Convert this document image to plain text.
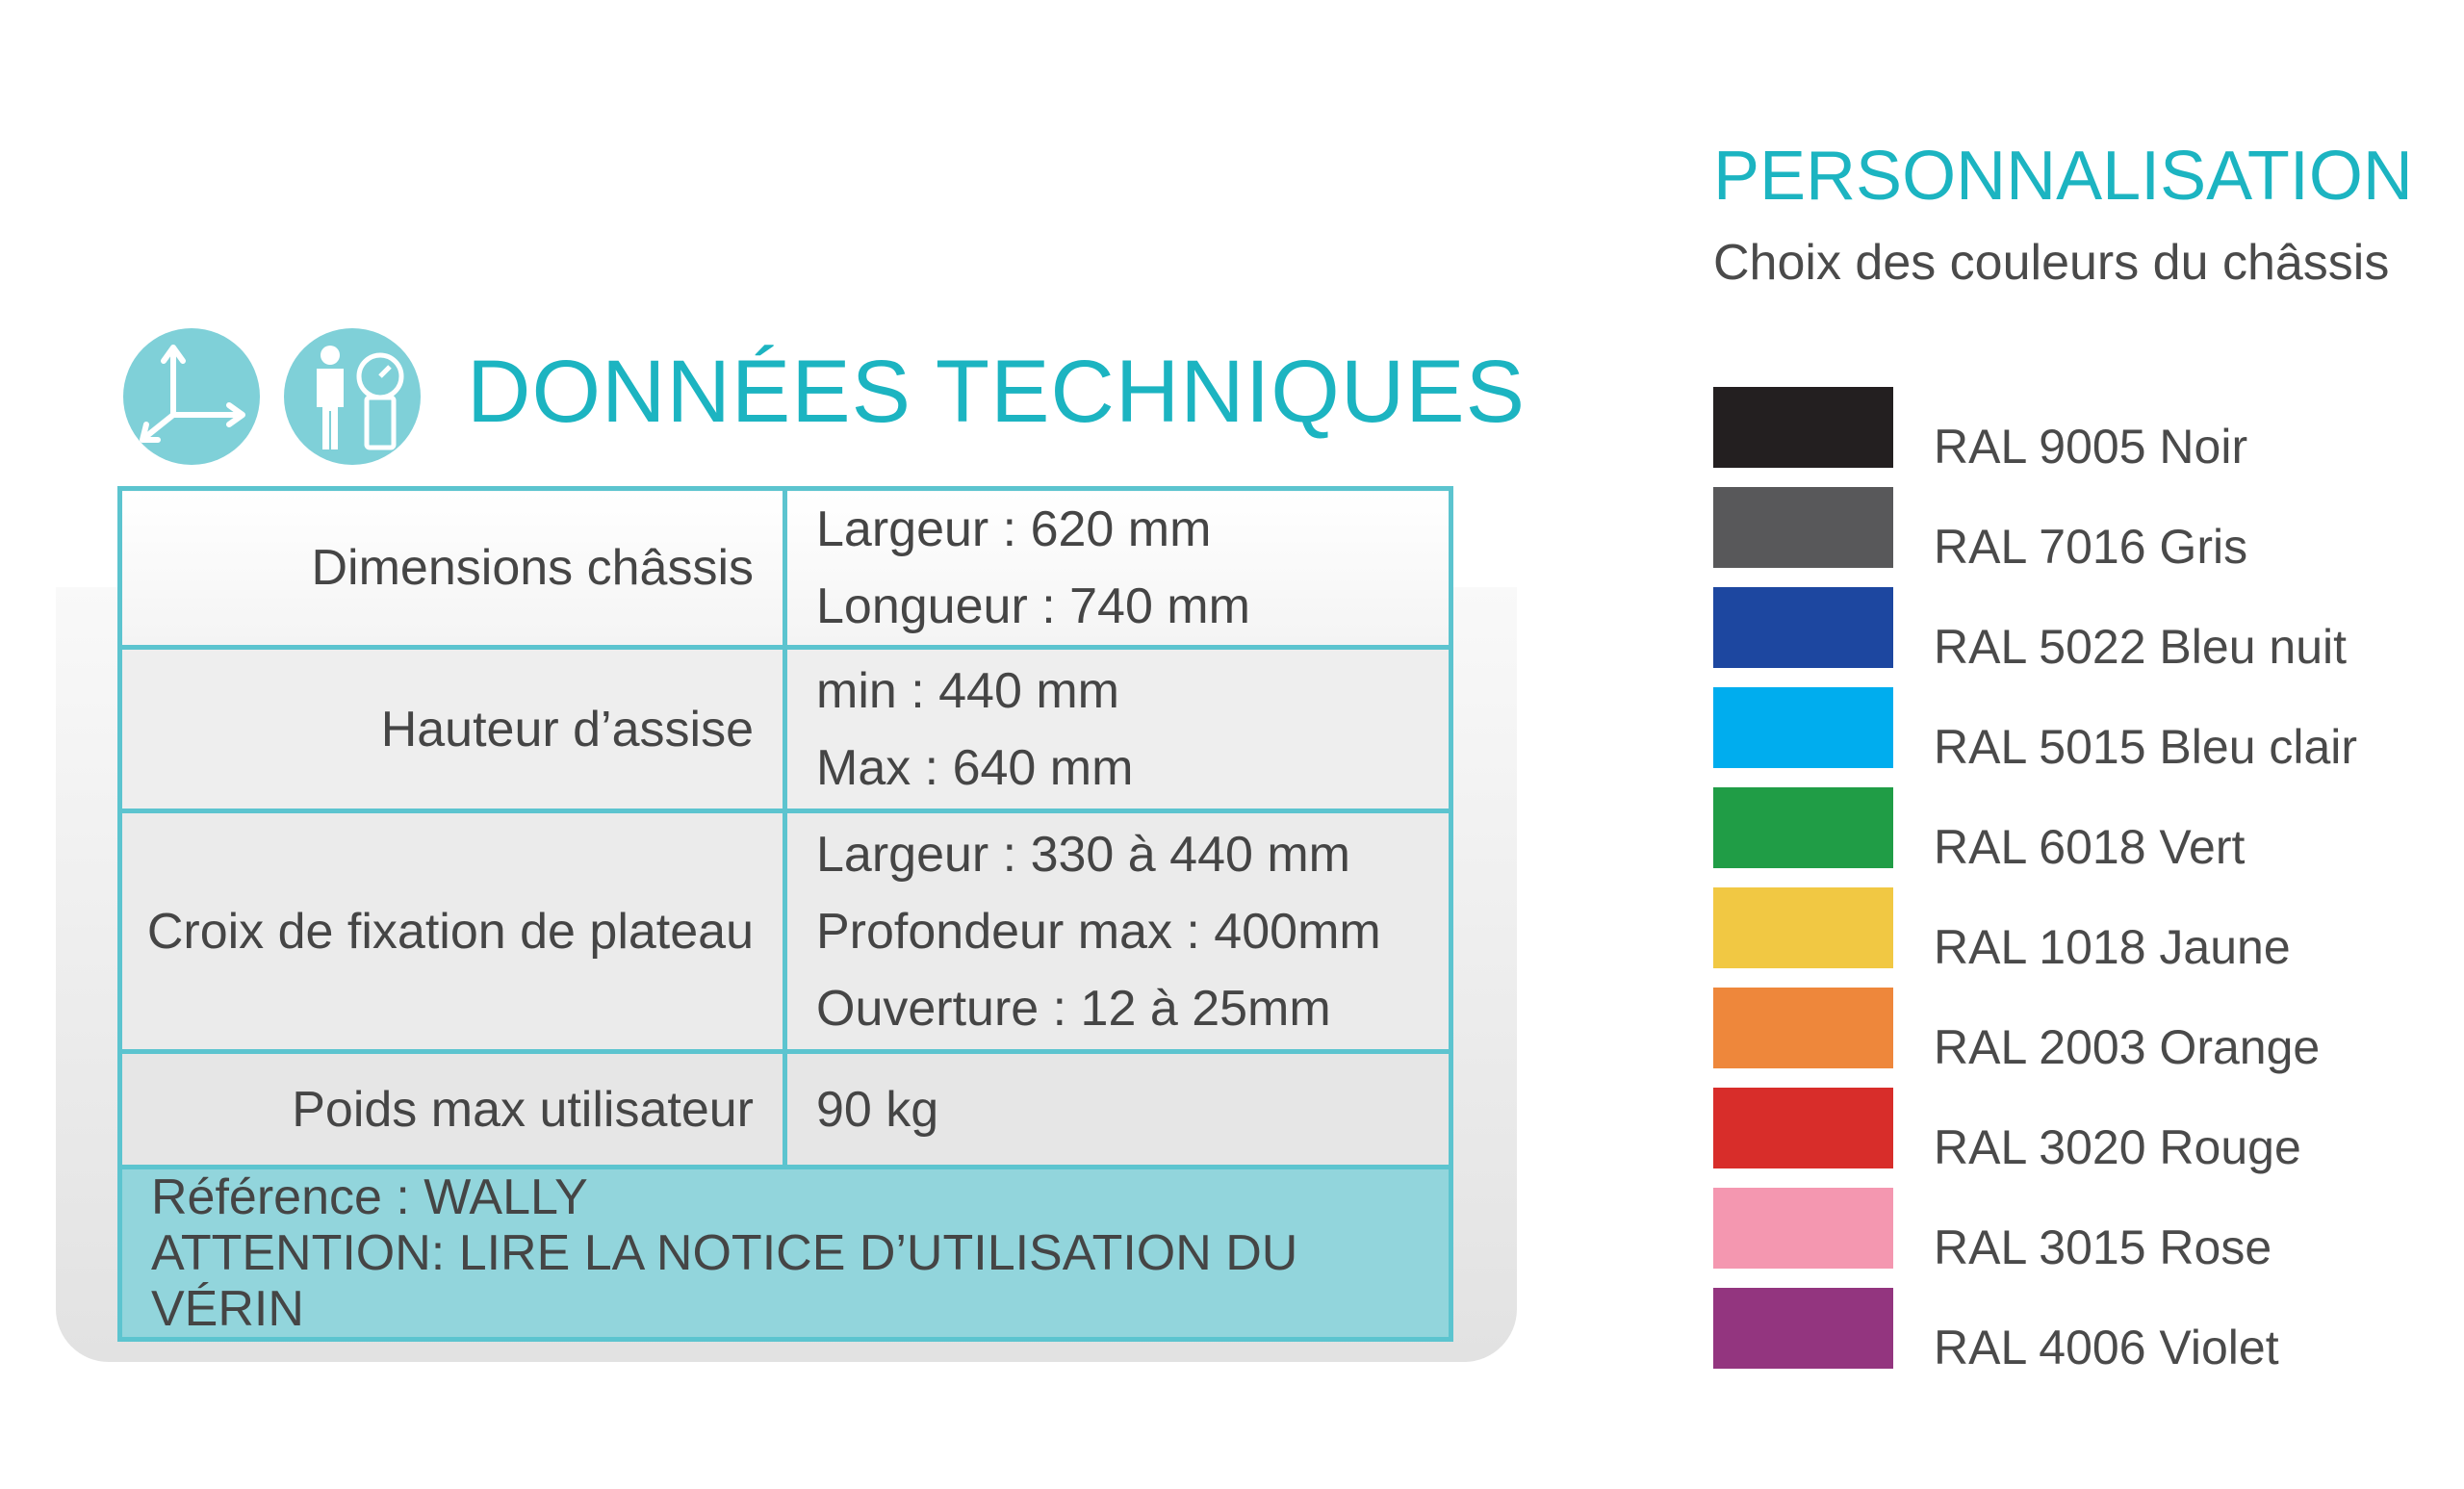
DONNÉES TECHNIQUES
Dimensions châssis	Largeur : 620 mm
Longueur : 740 mm

Hauteur d’assise	min : 440 mm
Max : 640 mm

Croix de fixation de plateau	Largeur : 330 à 440 mm
Profondeur max : 400mm
Ouverture : 12 à 25mm

Poids max utilisateur	90 kg

Référence : WALLY
ATTENTION: LIRE LA NOTICE D’UTILISATION DU VÉRIN	
PERSONNALISATION

Choix des couleurs du châssis

RAL 9005 Noir
RAL 7016 Gris
RAL 5022 Bleu nuit
RAL 5015 Bleu clair
RAL 6018 Vert
RAL 1018 Jaune
RAL 2003 Orange
RAL 3020 Rouge
RAL 3015 Rose
RAL 4006 Violet
